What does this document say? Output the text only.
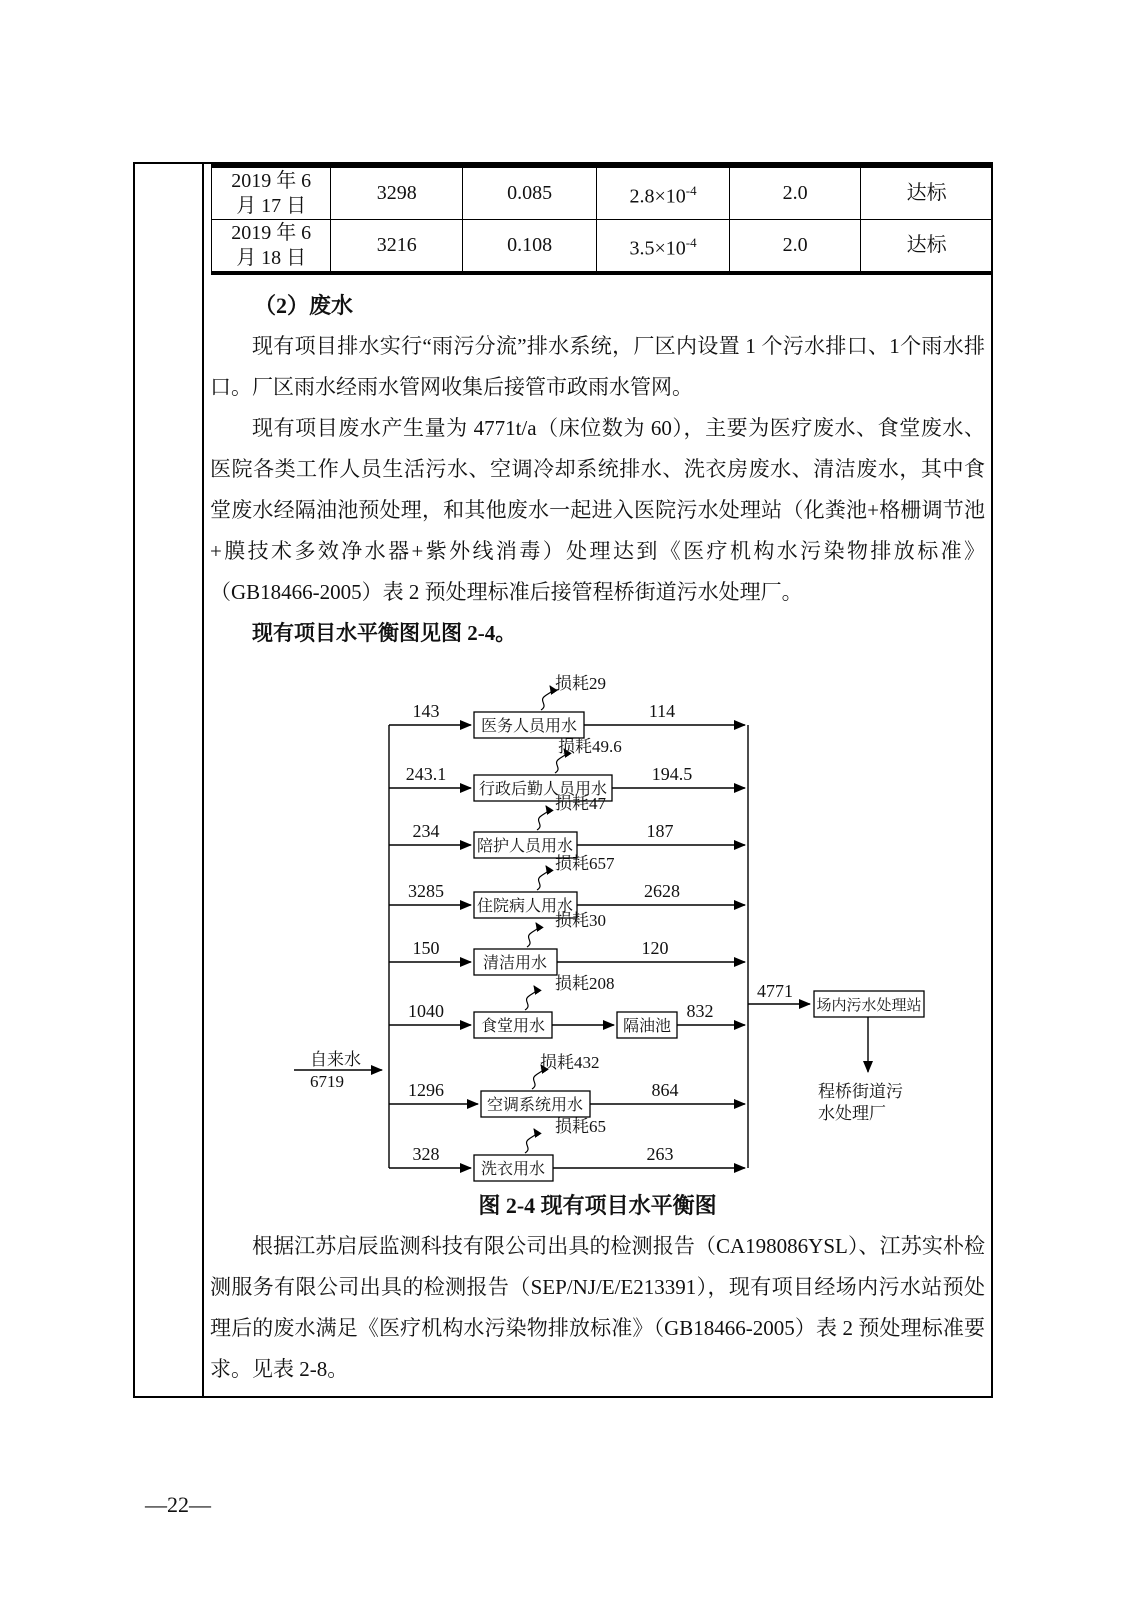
2019 年 6
月 17 日	3298	0.085	$2.8\times 10^{-4}$	2.0	达标

2019 年 6
月 18 日	3216	0.108	$3.5\times 10^{-4}$	2.0	达标

（2）废水

现有项目排水实行“雨污分流”排水系统，厂区内设置 1 个污水排口、1个雨水排口。厂区雨水经雨水管网收集后接管市政雨水管网。

现有项目废水产生量为 4771t/a（床位数为 60），主要为医疗废水、食堂废水、医院各类工作人员生活污水、空调冷却系统排水、洗衣房废水、清洁废水，其中食堂废水经隔油池预处理，和其他废水一起进入医院污水处理站（化粪池+格栅调节池+膜技术多效净水器+紫外线消毒）处理达到《医疗机构水污染物排放标准》（GB18466-2005）表 2 预处理标准后接管程桥街道污水处理厂。

现有项目水平衡图见图 2-4。

自来水
6719
143
医务人员用水
114
损耗29
243.1
行政后勤人员用水
194.5
损耗49.6
234
陪护人员用水
187
损耗47
3285
住院病人用水
2628
损耗657
150
清洁用水
120
损耗30
1040
食堂用水	隔油池
832
损耗208
1296
空调系统用水
864
损耗432
328
洗衣用水
263
损耗65
4771
场内污水处理站
程桥街道污
水处理厂

图 2-4 现有项目水平衡图

根据江苏启辰监测科技有限公司出具的检测报告（CA198086YSL）、江苏实朴检测服务有限公司出具的检测报告（SEP/NJ/E/E213391），现有项目经场内污水站预处理后的废水满足《医疗机构水污染物排放标准》（GB18466-2005）表 2 预处理标准要求。见表 2-8。

—22—
